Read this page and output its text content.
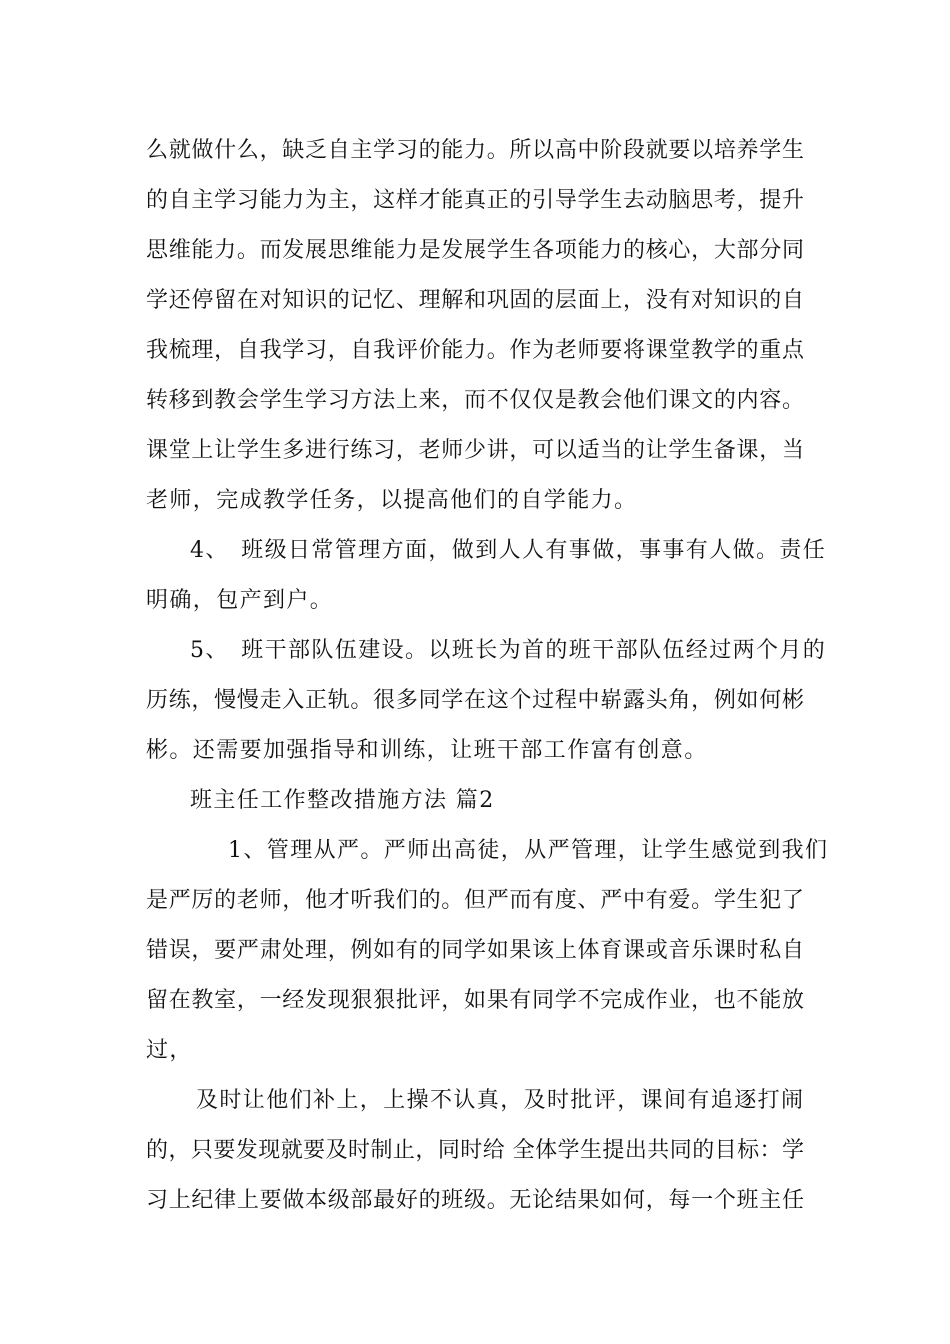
么就做什么，缺乏自主学习的能力。所以高中阶段就要以培养学生
的自主学习能力为主，这样才能真正的引导学生去动脑思考，提升
思维能力。而发展思维能力是发展学生各项能力的核心，大部分同
学还停留在对知识的记忆、理解和巩固的层面上，没有对知识的自
我梳理，自我学习，自我评价能力。作为老师要将课堂教学的重点
转移到教会学生学习方法上来，而不仅仅是教会他们课文的内容。
课堂上让学生多进行练习，老师少讲，可以适当的让学生备课，当
老师，完成教学任务，以提高他们的自学能力。
4、　班级日常管理方面，做到人人有事做，事事有人做。责任
明确，包产到户。
5、　班干部队伍建设。以班长为首的班干部队伍经过两个月的
历练，慢慢走入正轨。很多同学在这个过程中崭露头角，例如何彬
彬。还需要加强指导和训练，让班干部工作富有创意。
班主任工作整改措施方法 篇2
1、管理从严。严师出高徒，从严管理，让学生感觉到我们
是严厉的老师，他才听我们的。但严而有度、严中有爱。学生犯了
错误，要严肃处理，例如有的同学如果该上体育课或音乐课时私自
留在教室，一经发现狠狠批评，如果有同学不完成作业，也不能放
过，
及时让他们补上，上操不认真，及时批评，课间有追逐打闹
的，只要发现就要及时制止，同时给 全体学生提出共同的目标：学
习上纪律上要做本级部最好的班级。无论结果如何，每一个班主任
